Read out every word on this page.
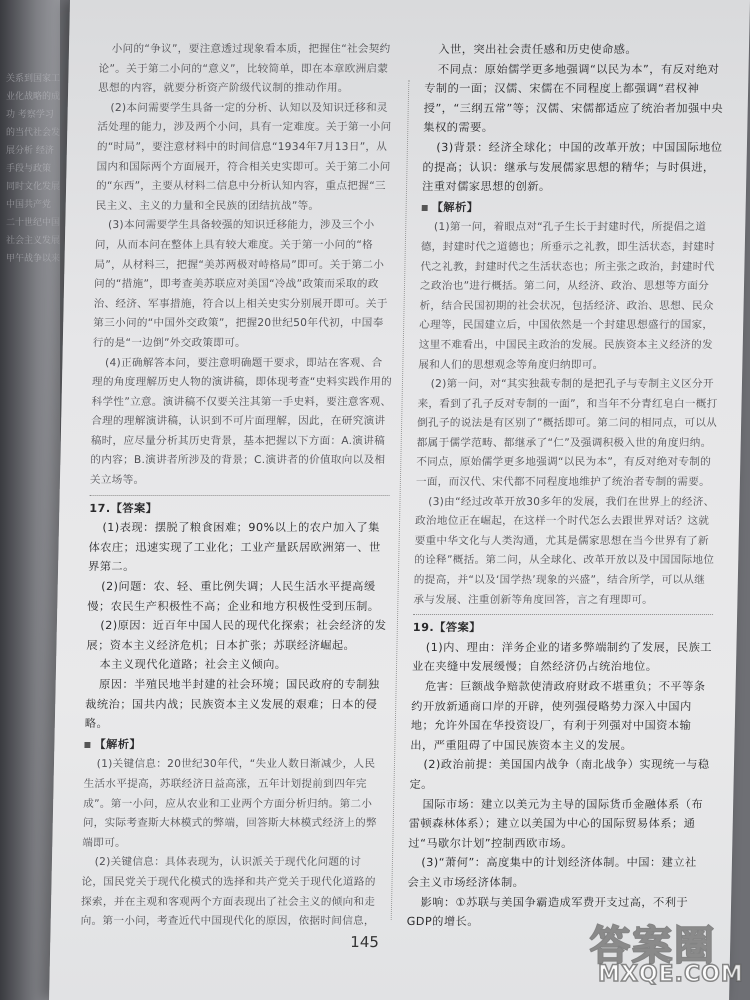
关系到国家工业化战略的成功 考察学习的当代社会发展分析 经济手段与政策 同时文化发展 中国共产党 二十世纪中国 社会主义发展 甲午战争以来

小问的“争议”，要注意透过现象看本质，把握住“社会契约论”。关于第二小问的“意义”，比较简单，即在本章欧洲启蒙思想的内容，就要分析资产阶级代议制的推动作用。

(2)本问需要学生具备一定的分析、认知以及知识迁移和灵活处理的能力，涉及两个小问，具有一定难度。关于第一小问的“时局”，要注意材料中的时间信息“1934年7月13日”，从国内和国际两个方面展开，符合相关史实即可。关于第二小问的“东西”，主要从材料二信息中分析认知内容，重点把握“三民主义、主义的力量和全民族的团结抗战”等。

(3)本问需要学生具备较强的知识迁移能力，涉及三个小问，从而本问在整体上具有较大难度。关于第一小问的“格局”，从材料三，把握“美苏两极对峙格局”即可。关于第二小问的“措施”，即考查美苏联应对美国“冷战”政策而采取的政治、经济、军事措施，符合以上相关史实分别展开即可。关于第三小问的“中国外交政策”，把握20世纪50年代初，中国奉行的是“一边倒”外交政策即可。

(4)正确解答本问，要注意明确题干要求，即站在客观、合理的角度理解历史人物的演讲稿，即体现考查“史料实践作用的科学性”立意。演讲稿不仅要关注其第一手史料，要注意客观、合理的理解演讲稿，认识到不可片面理解，因此，在研究演讲稿时，应尽量分析其历史背景，基本把握以下方面：A.演讲稿的内容；B.演讲者所涉及的背景；C.演讲者的价值取向以及相关立场等。

17.【答案】

(1)表现：摆脱了粮食困难；90%以上的农户加入了集体农庄；迅速实现了工业化；工业产量跃居欧洲第一、世界第二。

(2)问题：农、轻、重比例失调；人民生活水平提高缓慢；农民生产积极性不高；企业和地方积极性受到压制。

(2)原因：近百年中国人民的现代化探索；社会经济的发展；资本主义经济危机；日本扩张；苏联经济崛起。

本主义现代化道路；社会主义倾向。

原因：半殖民地半封建的社会环境；国民政府的专制独裁统治；国共内战；民族资本主义发展的艰难；日本的侵略。

【解析】

(1)关键信息：20世纪30年代，“失业人数日渐减少，人民生活水平提高，苏联经济日益高涨，五年计划提前到四年完成”。第一小问，应从农业和工业两个方面分析归纳。第二小问，实际考查斯大林模式的弊端，回答斯大林模式经济上的弊端即可。

(2)关键信息：具体表现为，认识派关于现代化问题的讨论，国民党关于现代化模式的选择和共产党关于现代化道路的探索，并在主观和客观两个方面表现出了社会主义的倾向和走向。第一小问，考查近代中国现代化的原因，依据时间信息，从国际和国内两个方面，分析近代中国现代化的国际国内原因。第二小问，依据“并在主观和客观两个方面表现出了社会主义的倾向和走向”，进行归纳。第三小问，同样依据时间信息，从国际和国内两个方面分析，但应是回答近代中国现代化的阻碍因素，如我国半殖民地半封建社会的性质等。

入世，突出社会责任感和历史使命感。

不同点：原始儒学更多地强调“以民为本”，有反对绝对专制的一面；汉儒、宋儒在不同程度上都强调“君权神授”，“三纲五常”等；汉儒、宋儒都适应了统治者加强中央集权的需要。

(3)背景：经济全球化；中国的改革开放；中国国际地位的提高；认识：继承与发展儒家思想的精华；与时俱进，注重对儒家思想的创新。

【解析】

(1)第一问，着眼点对“孔子生长于封建时代，所提倡之道德，封建时代之道德也；所垂示之礼教，即生活状态，封建时代之礼教，封建时代之生活状态也；所主张之政治，封建时代之政治也”进行概括。第二问，从经济、政治、思想等方面分析，结合民国初期的社会状况，包括经济、政治、思想、民众心理等，民国建立后，中国依然是一个封建思想盛行的国家，这里不难看出，中国民主政治的发展。民族资本主义经济的发展和人们的思想观念等角度归纳即可。

(2)第一问，对“其实独裁专制的是把孔子与专制主义区分开来，看到了孔子反对专制的一面”，和当年不分青红皂白一概打倒孔子的说法是有区别了”概括即可。第二问的相同点，可以从都属于儒学范畴、都继承了“仁”及强调积极入世的角度归纳。不同点，原始儒学更多地强调“以民为本”，有反对绝对专制的一面，而汉代、宋代都不同程度地维护了统治者专制的需要。

(3)由“经过改革开放30多年的发展，我们在世界上的经济、政治地位正在崛起，在这样一个时代怎么去跟世界对话？这就要重中华文化与人类沟通，尤其是儒家思想在当今世界有了新的诠释”概括。第二问，从全球化、改革开放以及中国国际地位的提高，并“以及‘国学热’现象的兴盛”，结合所学，可以从继承与发展、注重创新等角度回答，言之有理即可。

19.【答案】

(1)内、理由：洋务企业的诸多弊端制约了发展，民族工业在夹缝中发展缓慢；自然经济仍占统治地位。

危害：巨额战争赔款使清政府财政不堪重负；不平等条约开放新通商口岸的开辟，使列强侵略势力深入中国内地；允许外国在华投资设厂，有利于列强对中国资本输出，严重阻碍了中国民族资本主义的发展。

(2)政治前提：美国国内战争（南北战争）实现统一与稳定。

国际市场：建立以美元为主导的国际货币金融体系（布雷顿森林体系）；建立以美国为中心的国际贸易体系；通过“马歇尔计划”控制西欧市场。

(3)“萧何”：高度集中的计划经济体制。中国：建立社会主义市场经济体制。

影响：①苏联与美国争霸造成军费开支过高，不利于GDP的增长。

145	答案圈
MXQE.COM
